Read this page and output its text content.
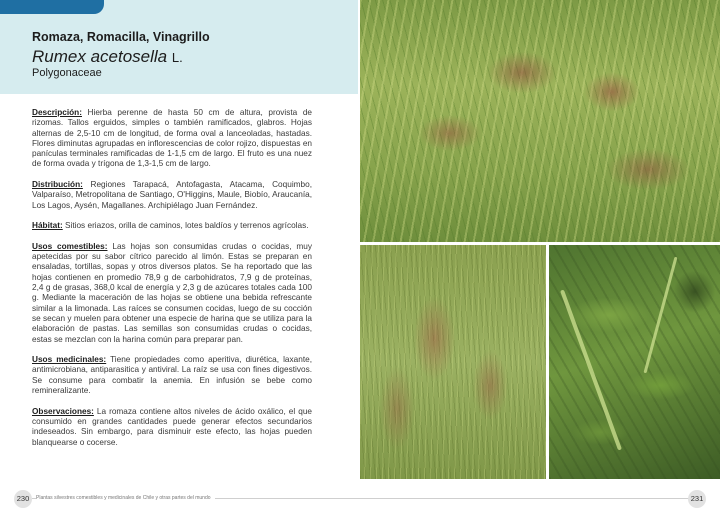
Romaza, Romacilla, Vinagrillo
Rumex acetosella L.
Polygonaceae

Descripción: Hierba perenne de hasta 50 cm de altura, provista de rizomas. Tallos erguidos, simples o también ramificados, glabros. Hojas alternas de 2,5-10 cm de longitud, de forma oval a lanceoladas, hastadas. Flores diminutas agrupadas en inflorescencias de color rojizo, dispuestas en panículas terminales ramificadas de 1-1,5 cm de largo. El fruto es una nuez de forma ovada y trígona de 1,3-1,5 cm de largo.

Distribución: Regiones Tarapacá, Antofagasta, Atacama, Coquimbo, Valparaíso, Metropolitana de Santiago, O'Higgins, Maule, Biobío, Araucanía, Los Lagos, Aysén, Magallanes. Archipiélago Juan Fernández.

Hábitat: Sitios eriazos, orilla de caminos, lotes baldíos y terrenos agrícolas.

Usos comestibles: Las hojas son consumidas crudas o cocidas, muy apetecidas por su sabor cítrico parecido al limón. Estas se preparan en ensaladas, tortillas, sopas y otros diversos platos. Se ha reportado que las hojas contienen en promedio 78,9 g de carbohidratos, 7,9 g de proteínas, 2,4 g de grasas, 368,0 kcal de energía y 2,3 g de azúcares totales cada 100 g. Mediante la maceración de las hojas se obtiene una bebida refrescante similar a la limonada. Las raíces se consumen cocidas, luego de su cocción se secan y muelen para obtener una especie de harina que se utiliza para la elaboración de pastas. Las semillas son consumidas crudas o cocidas, estas se mezclan con la harina común para preparar pan.

Usos medicinales: Tiene propiedades como aperitiva, diurética, laxante, antimicrobiana, antiparasitica y antiviral. La raíz se usa con fines digestivos. Se consume para combatir la anemia. En infusión se bebe como remineralizante.

Observaciones: La romaza contiene altos niveles de ácido oxálico, el que consumido en grandes cantidades puede generar efectos secundarios indeseados. Sin embargo, para disminuir este efecto, las hojas pueden blanquearse o cocerse.

Plantas silvestres comestibles y medicinales de Chile y otras partes del mundo
230	231
